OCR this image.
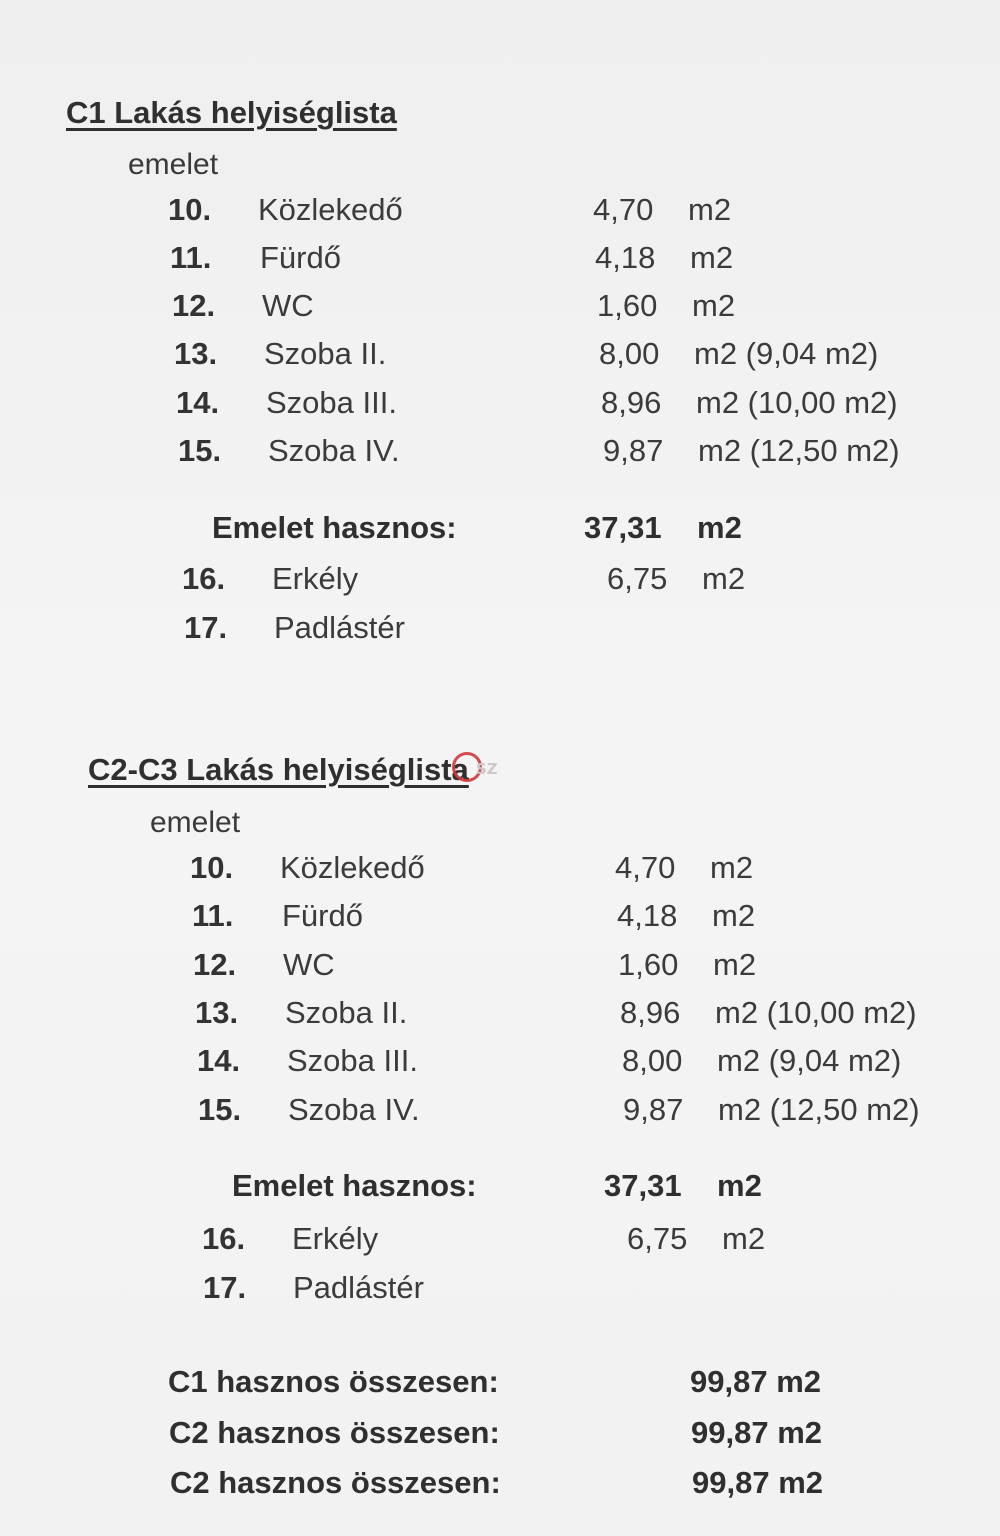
C1 Lakás helyiséglista
emelet
10. Közlekedő	4,70 m2
11. Fürdő	4,18 m2
12. WC	1,60 m2
13. Szoba II.	8,00 m2 (9,04 m2)
14. Szoba III.	8,96 m2 (10,00 m2)
15. Szoba IV.	9,87 m2 (12,50 m2)
Emelet hasznos:	37,31 m2
16. Erkély	6,75 m2
17. Padlástér
C2-C3 Lakás helyiséglista SZ
emelet
10. Közlekedő	4,70 m2
11. Fürdő	4,18 m2
12. WC	1,60 m2
13. Szoba II.	8,96 m2 (10,00 m2)
14. Szoba III.	8,00 m2 (9,04 m2)
15. Szoba IV.	9,87 m2 (12,50 m2)
Emelet hasznos:	37,31 m2
16. Erkély	6,75 m2
17. Padlástér
C1 hasznos összesen:	99,87 m2
C2 hasznos összesen:	99,87 m2
C2 hasznos összesen:	99,87 m2
